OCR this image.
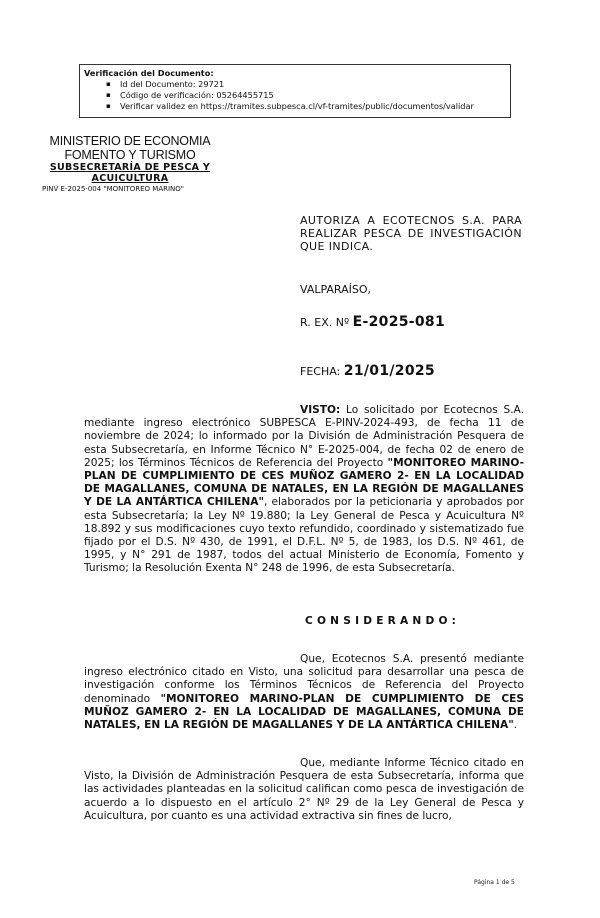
Verificación del Documento:
▪ Id del Documento: 29721
▪ Código de verificación: 05264455715
▪ Verificar validez en https://tramites.subpesca.cl/vf-tramites/public/documentos/validar
MINISTERIO DE ECONOMIA
FOMENTO Y TURISMO
SUBSECRETARÍA DE PESCA Y ACUICULTURA
PINV E-2025-004 "MONITOREO MARINO"
AUTORIZA A ECOTECNOS S.A. PARA
REALIZAR PESCA DE INVESTIGACIÓN
QUE INDICA.
VALPARAÍSO,
R. EX. Nº E-2025-081
FECHA: 21/01/2025
VISTO: Lo solicitado por Ecotecnos S.A. mediante ingreso electrónico SUBPESCA E-PINV-2024-493, de fecha 11 de noviembre de 2024; lo informado por la División de Administración Pesquera de esta Subsecretaría, en Informe Técnico N° E-2025-004, de fecha 02 de enero de 2025; los Términos Técnicos de Referencia del Proyecto "MONITOREO MARINO-PLAN DE CUMPLIMIENTO DE CES MUÑOZ GAMERO 2- EN LA LOCALIDAD DE MAGALLANES, COMUNA DE NATALES, EN LA REGIÓN DE MAGALLANES Y DE LA ANTÁRTICA CHILENA", elaborados por la peticionaria y aprobados por esta Subsecretaría; la Ley Nº 19.880; la Ley General de Pesca y Acuicultura Nº 18.892 y sus modificaciones cuyo texto refundido, coordinado y sistematizado fue fijado por el D.S. Nº 430, de 1991, el D.F.L. Nº 5, de 1983, los D.S. Nº 461, de 1995, y N° 291 de 1987, todos del actual Ministerio de Economía, Fomento y Turismo; la Resolución Exenta N° 248 de 1996, de esta Subsecretaría.
CONSIDERANDO:
Que, Ecotecnos S.A. presentó mediante ingreso electrónico citado en Visto, una solicitud para desarrollar una pesca de investigación conforme los Términos Técnicos de Referencia del Proyecto denominado "MONITOREO MARINO-PLAN DE CUMPLIMIENTO DE CES MUÑOZ GAMERO 2- EN LA LOCALIDAD DE MAGALLANES, COMUNA DE NATALES, EN LA REGIÓN DE MAGALLANES Y DE LA ANTÁRTICA CHILENA".
Que, mediante Informe Técnico citado en Visto, la División de Administración Pesquera de esta Subsecretaría, informa que las actividades planteadas en la solicitud califican como pesca de investigación de acuerdo a lo dispuesto en el artículo 2° Nº 29 de la Ley General de Pesca y Acuicultura, por cuanto es una actividad extractiva sin fines de lucro,
Página 1 de 5
